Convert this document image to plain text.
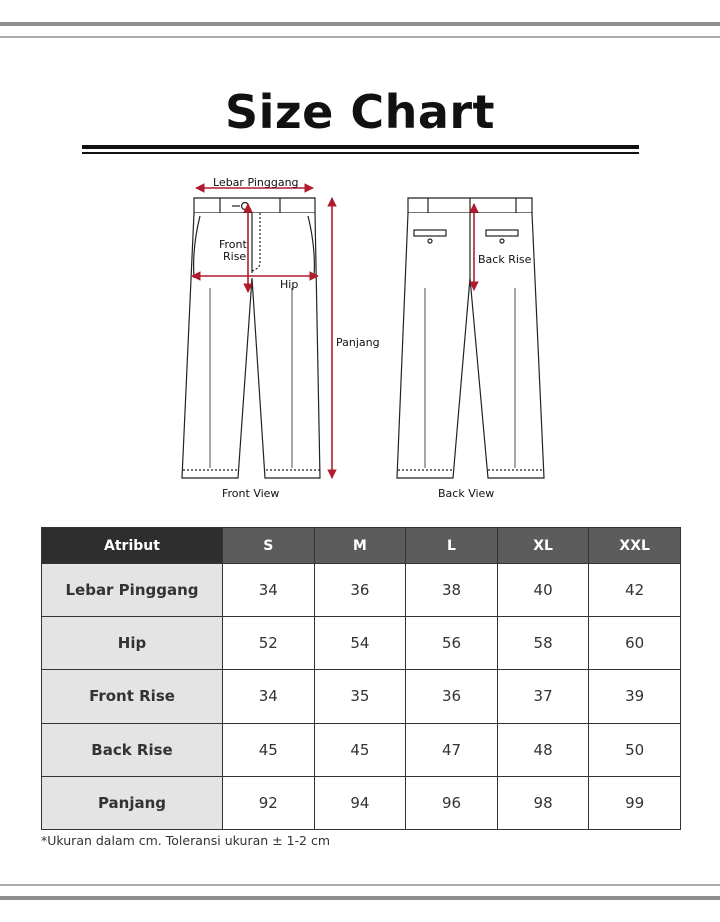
Size Chart
Lebar Pinggang
Front
Rise
Hip
Panjang
Front View
Back Rise
Back View
Atribut	S	M	L	XL	XXL
Lebar Pinggang	34	36	38	40	42
Hip	52	54	56	58	60
Front Rise	34	35	36	37	39
Back Rise	45	45	47	48	50
Panjang	92	94	96	98	99
*Ukuran dalam cm. Toleransi ukuran ± 1-2 cm
